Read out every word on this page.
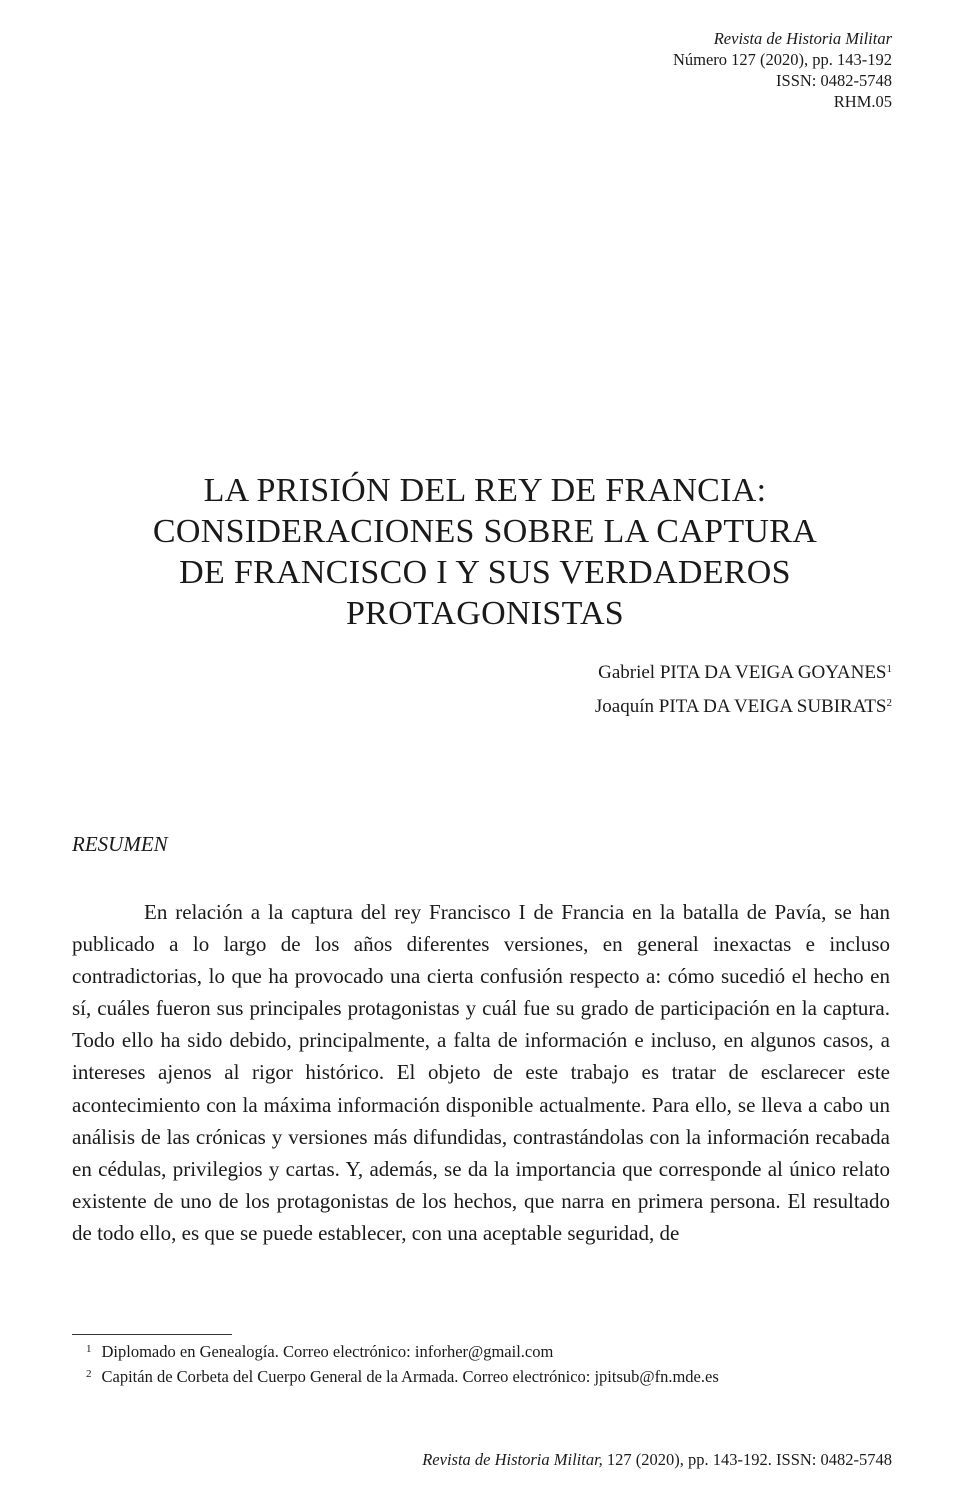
Revista de Historia Militar
Número 127 (2020), pp. 143-192
ISSN: 0482-5748
RHM.05
LA PRISIÓN DEL REY DE FRANCIA:
CONSIDERACIONES SOBRE LA CAPTURA
DE FRANCISCO I Y SUS VERDADEROS
PROTAGONISTAS
Gabriel PITA DA VEIGA GOYANES$^1$
Joaquín PITA DA VEIGA SUBIRATS$^2$
RESUMEN

En relación a la captura del rey Francisco I de Francia en la batalla de Pavía, se han publicado a lo largo de los años diferentes versiones, en general inexactas e incluso contradictorias, lo que ha provocado una cierta confusión respecto a: cómo sucedió el hecho en sí, cuáles fueron sus principales protagonistas y cuál fue su grado de participación en la captura. Todo ello ha sido debido, principalmente, a falta de información e incluso, en algunos casos, a intereses ajenos al rigor histórico. El objeto de este trabajo es tratar de esclarecer este acontecimiento con la máxima información disponible actualmente. Para ello, se lleva a cabo un análisis de las crónicas y versiones más difundidas, contrastándolas con la información recabada en cédulas, privilegios y cartas. Y, además, se da la importancia que corresponde al único relato existente de uno de los protagonistas de los hechos, que narra en primera persona. El resultado de todo ello, es que se puede establecer, con una aceptable seguridad, de

$^1$ Diplomado en Genealogía. Correo electrónico: inforher@gmail.com
$^2$ Capitán de Corbeta del Cuerpo General de la Armada. Correo electrónico: jpitsub@fn.mde.es
Revista de Historia Militar, 127 (2020), pp. 143-192. ISSN: 0482-5748
